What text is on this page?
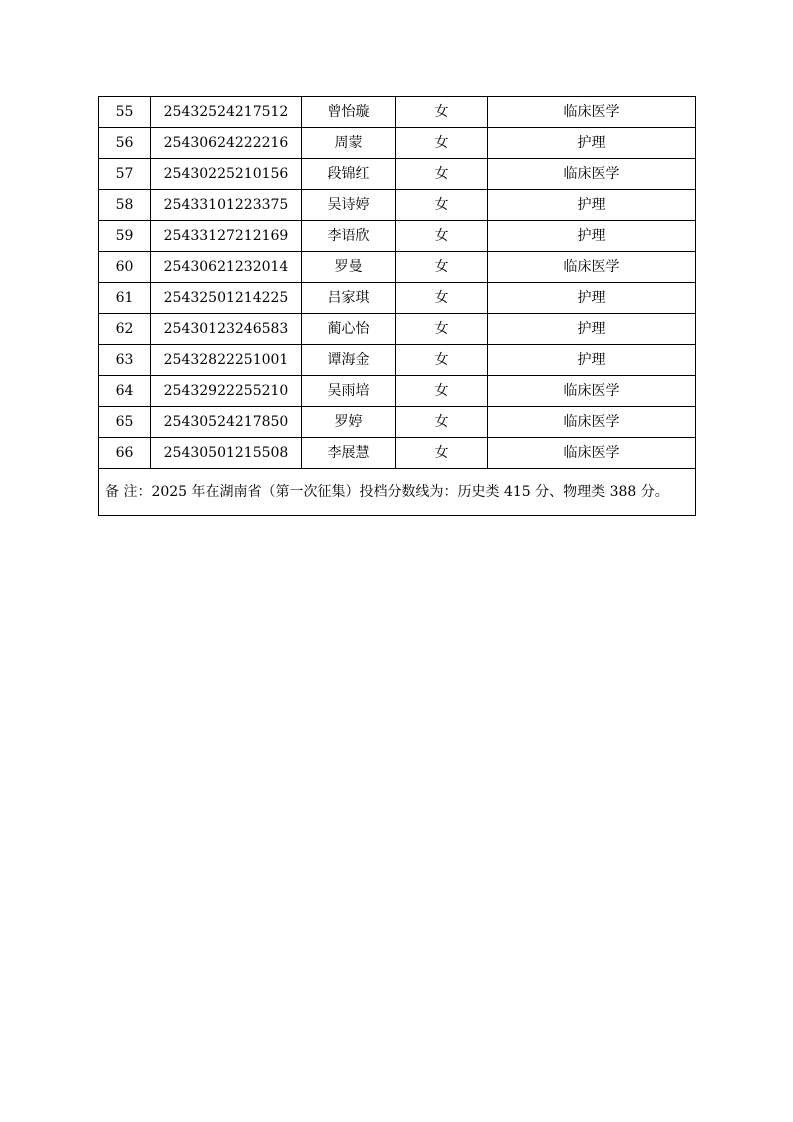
55	25432524217512	曾怡璇	女	临床医学
56	25430624222216	周蒙	女	护理
57	25430225210156	段锦红	女	临床医学
58	25433101223375	吴诗婷	女	护理
59	25433127212169	李语欣	女	护理
60	25430621232014	罗曼	女	临床医学
61	25432501214225	吕家琪	女	护理
62	25430123246583	蔺心怡	女	护理
63	25432822251001	谭海金	女	护理
64	25432922255210	吴雨培	女	临床医学
65	25430524217850	罗婷	女	临床医学
66	25430501215508	李展慧	女	临床医学
备 注：2025 年在湖南省（第一次征集）投档分数线为：历史类 415 分、物理类 388 分。				
